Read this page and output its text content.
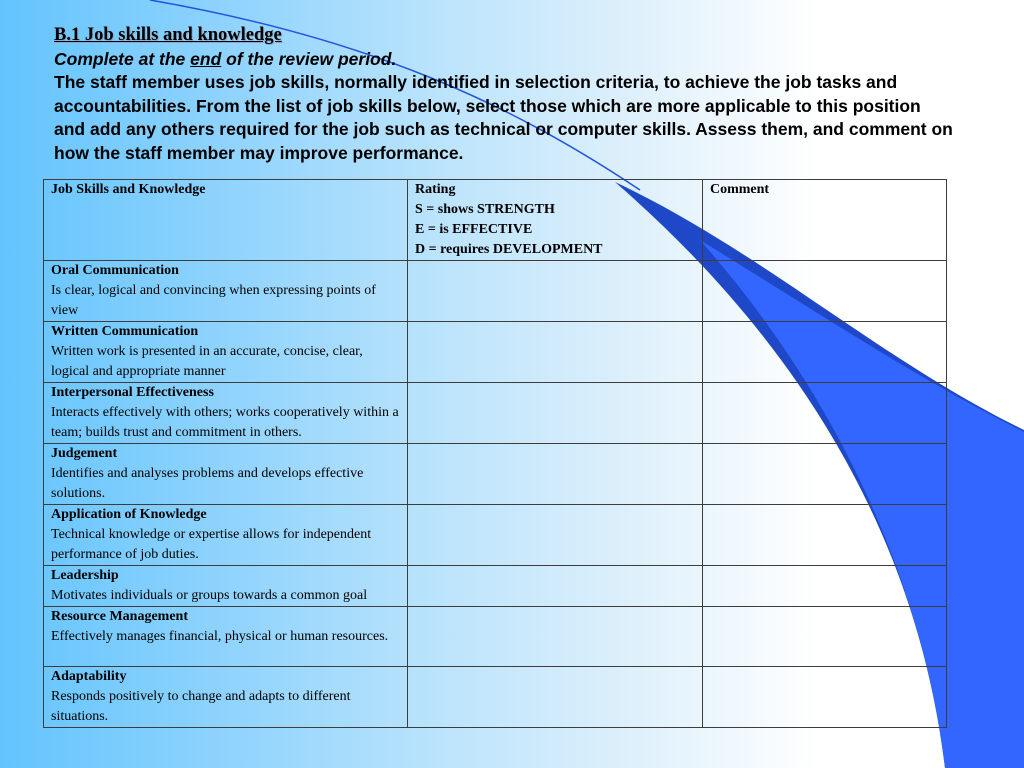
B.1 Job skills and knowledge
Complete at the end of the review period.
The staff member uses job skills, normally identified in selection criteria, to achieve the job tasks and accountabilities. From the list of job skills below, select those which are more applicable to this position and add any others required for the job such as technical or computer skills. Assess them, and comment on how the staff member may improve performance.
Job Skills and Knowledge	Rating
S = shows STRENGTH
E = is EFFECTIVE
D = requires DEVELOPMENT	Comment

Oral Communication
Is clear, logical and convincing when expressing points of view		

Written Communication
Written work is presented in an accurate, concise, clear, logical and appropriate manner		

Interpersonal Effectiveness
Interacts effectively with others; works cooperatively within a team; builds trust and commitment in others.		

Judgement
Identifies and analyses problems and develops effective solutions.		

Application of Knowledge
Technical knowledge or expertise allows for independent performance of job duties.		

Leadership
Motivates individuals or groups towards a common goal		

Resource Management
Effectively manages financial, physical or human resources.		

Adaptability
Responds positively to change and adapts to different situations.		
